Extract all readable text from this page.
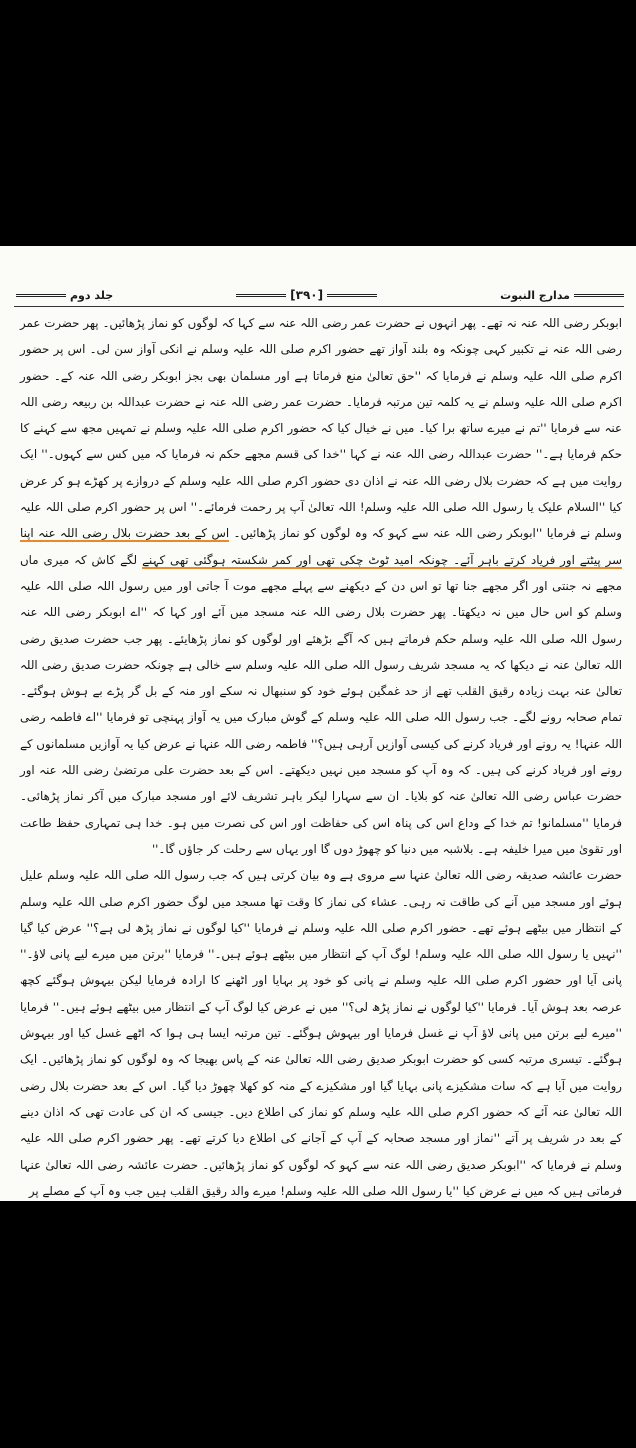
مدارج النبوت
[۳۹۰]
جلد دوم

ابوبکر رضی اللہ عنہ نہ تھے۔ پھر انہوں نے حضرت عمر رضی اللہ عنہ سے کہا کہ لوگوں کو نماز پڑھائیں۔ پھر حضرت عمر رضی اللہ عنہ نے تکبیر کہی چونکہ وہ بلند آواز تھے حضور اکرم صلی اللہ علیہ وسلم نے انکی آواز سن لی۔ اس پر حضور اکرم صلی اللہ علیہ وسلم نے فرمایا کہ ''حق تعالیٰ منع فرماتا ہے اور مسلمان بھی بجز ابوبکر رضی اللہ عنہ کے۔ حضور اکرم صلی اللہ علیہ وسلم نے یہ کلمہ تین مرتبہ فرمایا۔ حضرت عمر رضی اللہ عنہ نے حضرت عبداللہ بن ربیعہ رضی اللہ عنہ سے فرمایا ''تم نے میرے ساتھ برا کیا۔ میں نے خیال کیا کہ حضور اکرم صلی اللہ علیہ وسلم نے تمہیں مجھ سے کہنے کا حکم فرمایا ہے۔'' حضرت عبداللہ رضی اللہ عنہ نے کہا ''خدا کی قسم مجھے حکم نہ فرمایا کہ میں کس سے کہوں۔'' ایک روایت میں ہے کہ حضرت بلال رضی اللہ عنہ نے اذان دی حضور اکرم صلی اللہ علیہ وسلم کے دروازے پر کھڑے ہو کر عرض کیا ''السلام علیک یا رسول اللہ صلی اللہ علیہ وسلم! اللہ تعالیٰ آپ پر رحمت فرمائے۔'' اس پر حضور اکرم صلی اللہ علیہ وسلم نے فرمایا ''ابوبکر رضی اللہ عنہ سے کہو کہ وہ لوگوں کو نماز پڑھائیں۔ اس کے بعد حضرت بلال رضی اللہ عنہ اپنا سر پیٹتے اور فریاد کرتے باہر آئے۔ چونکہ امید ٹوٹ چکی تھی اور کمر شکستہ ہوگئی تھی کہنے لگے کاش کہ میری ماں مجھے نہ جنتی اور اگر مجھے جنا تھا تو اس دن کے دیکھنے سے پہلے مجھے موت آ جاتی اور میں رسول اللہ صلی اللہ علیہ وسلم کو اس حال میں نہ دیکھتا۔ پھر حضرت بلال رضی اللہ عنہ مسجد میں آئے اور کہا کہ ''اے ابوبکر رضی اللہ عنہ رسول اللہ صلی اللہ علیہ وسلم حکم فرماتے ہیں کہ آگے بڑھئے اور لوگوں کو نماز پڑھایئے۔ پھر جب حضرت صدیق رضی اللہ تعالیٰ عنہ نے دیکھا کہ یہ مسجد شریف رسول اللہ صلی اللہ علیہ وسلم سے خالی ہے چونکہ حضرت صدیق رضی اللہ تعالیٰ عنہ بہت زیادہ رقیق القلب تھے از حد غمگین ہوئے خود کو سنبھال نہ سکے اور منہ کے بل گر پڑے بے ہوش ہوگئے۔ تمام صحابہ رونے لگے۔ جب رسول اللہ صلی اللہ علیہ وسلم کے گوش مبارک میں یہ آواز پہنچی تو فرمایا ''اے فاطمہ رضی اللہ عنہا! یہ رونے اور فریاد کرنے کی کیسی آوازیں آرہی ہیں؟'' فاطمہ رضی اللہ عنہا نے عرض کیا یہ آوازیں مسلمانوں کے رونے اور فریاد کرنے کی ہیں۔ کہ وہ آپ کو مسجد میں نہیں دیکھتے۔ اس کے بعد حضرت علی مرتضیٰ رضی اللہ عنہ اور حضرت عباس رضی اللہ تعالیٰ عنہ کو بلایا۔ ان سے سہارا لیکر باہر تشریف لائے اور مسجد مبارک میں آکر نماز پڑھائی۔ فرمایا ''مسلمانو! تم خدا کے وداع اس کی پناہ اس کی حفاظت اور اس کی نصرت میں ہو۔ خدا ہی تمہاری حفظ طاعت اور تقویٰ میں میرا خلیفہ ہے۔ بلاشبہ میں دنیا کو چھوڑ دوں گا اور یہاں سے رحلت کر جاؤں گا۔''

حضرت عائشہ صدیقہ رضی اللہ تعالیٰ عنہا سے مروی ہے وہ بیان کرتی ہیں کہ جب رسول اللہ صلی اللہ علیہ وسلم علیل ہوئے اور مسجد میں آنے کی طاقت نہ رہی۔ عشاء کی نماز کا وقت تھا مسجد میں لوگ حضور اکرم صلی اللہ علیہ وسلم کے انتظار میں بیٹھے ہوئے تھے۔ حضور اکرم صلی اللہ علیہ وسلم نے فرمایا ''کیا لوگوں نے نماز پڑھ لی ہے؟'' عرض کیا گیا ''نہیں یا رسول اللہ صلی اللہ علیہ وسلم! لوگ آپ کے انتظار میں بیٹھے ہوئے ہیں۔'' فرمایا ''برتن میں میرے لیے پانی لاؤ۔'' پانی آیا اور حضور اکرم صلی اللہ علیہ وسلم نے پانی کو خود پر بہایا اور اٹھنے کا ارادہ فرمایا لیکن بیہوش ہوگئے کچھ عرصہ بعد ہوش آیا۔ فرمایا ''کیا لوگوں نے نماز پڑھ لی؟'' میں نے عرض کیا لوگ آپ کے انتظار میں بیٹھے ہوئے ہیں۔'' فرمایا ''میرے لیے برتن میں پانی لاؤ آپ نے غسل فرمایا اور بیہوش ہوگئے۔ تین مرتبہ ایسا ہی ہوا کہ اٹھے غسل کیا اور بیہوش ہوگئے۔ تیسری مرتبہ کسی کو حضرت ابوبکر صدیق رضی اللہ تعالیٰ عنہ کے پاس بھیجا کہ وہ لوگوں کو نماز پڑھائیں۔ ایک روایت میں آیا ہے کہ سات مشکیزے پانی بہایا گیا اور مشکیزے کے منہ کو کھلا چھوڑ دیا گیا۔ اس کے بعد حضرت بلال رضی اللہ تعالیٰ عنہ آئے کہ حضور اکرم صلی اللہ علیہ وسلم کو نماز کی اطلاع دیں۔ جیسی کہ ان کی عادت تھی کہ اذان دینے کے بعد در شریف پر آتے ''نماز اور مسجد صحابہ کے آپ کے آجانے کی اطلاع دیا کرتے تھے۔ پھر حضور اکرم صلی اللہ علیہ وسلم نے فرمایا کہ ''ابوبکر صدیق رضی اللہ عنہ سے کہو کہ لوگوں کو نماز پڑھائیں۔ حضرت عائشہ رضی اللہ تعالیٰ عنہا فرماتی ہیں کہ میں نے عرض کیا ''یا رسول اللہ صلی اللہ علیہ وسلم! میرے والد رقیق القلب ہیں جب وہ آپ کے مصلے پر
